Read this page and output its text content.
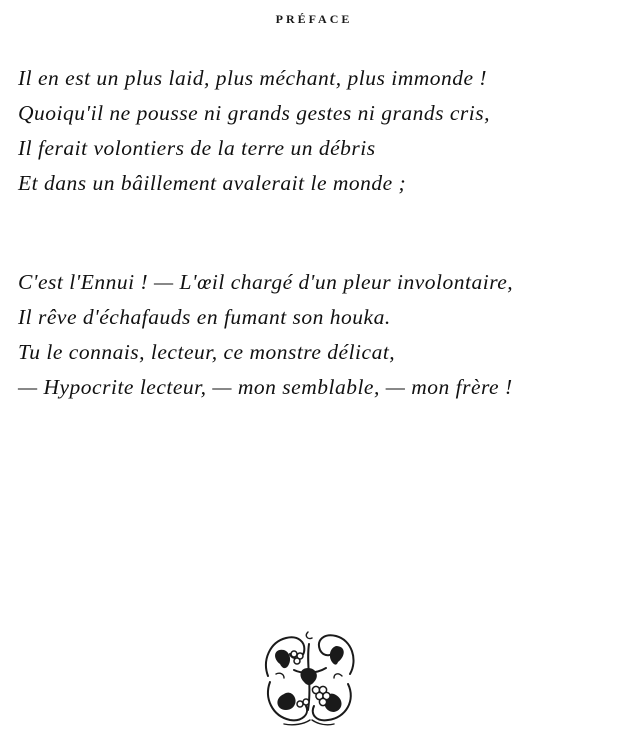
PRÉFACE
Il en est un plus laid, plus méchant, plus immonde !
Quoiqu'il ne pousse ni grands gestes ni grands cris,
Il ferait volontiers de la terre un débris
Et dans un bâillement avalerait le monde ;
C'est l'Ennui ! — L'œil chargé d'un pleur involontaire,
Il rêve d'échafauds en fumant son houka.
Tu le connais, lecteur, ce monstre délicat,
— Hypocrite lecteur, — mon semblable, — mon frère !
